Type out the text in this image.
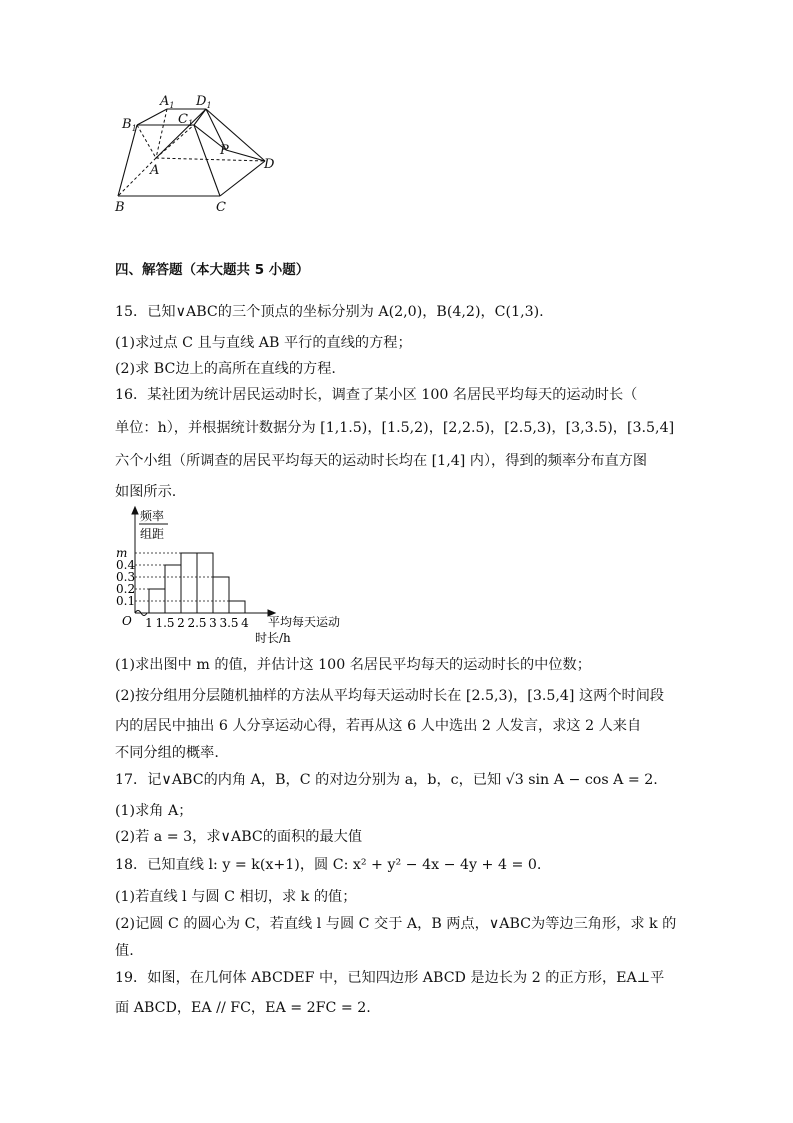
$A_1$ $D_1$
$B_1$
$C_1$
A
P
D
B	C
四、解答题（本大题共 5 小题）
15．已知∨ABC的三个顶点的坐标分别为 A(2,0)，B(4,2)，C(1,3).
(1)求过点 C 且与直线 AB 平行的直线的方程；
(2)求 BC边上的高所在直线的方程.
16．某社团为统计居民运动时长，调查了某小区 100 名居民平均每天的运动时长（
单位：h），并根据统计数据分为 [1,1.5)，[1.5,2)，[2,2.5)，[2.5,3)，[3,3.5)，[3.5,4]
六个小组（所调查的居民平均每天的运动时长均在 [1,4] 内），得到的频率分布直方图
如图所示.
频率
组距
O	平均每天运动
时长/h
m
0.4
0.3
0.2
0.1
1 1.5 2 2.5 3 3.5 4
(1)求出图中 m 的值，并估计这 100 名居民平均每天的运动时长的中位数；
(2)按分组用分层随机抽样的方法从平均每天运动时长在 [2.5,3)，[3.5,4] 这两个时间段
内的居民中抽出 6 人分享运动心得，若再从这 6 人中选出 2 人发言，求这 2 人来自
不同分组的概率.
17．记∨ABC的内角 A，B，C 的对边分别为 a，b，c，已知 √3 sin A − cos A = 2.
(1)求角 A；
(2)若 a = 3，求∨ABC的面积的最大值
18．已知直线 l: y = k(x+1)，圆 C: x² + y² − 4x − 4y + 4 = 0.
(1)若直线 l 与圆 C 相切，求 k 的值；
(2)记圆 C 的圆心为 C，若直线 l 与圆 C 交于 A，B 两点，∨ABC为等边三角形，求 k 的
值.
19．如图，在几何体 ABCDEF 中，已知四边形 ABCD 是边长为 2 的正方形，EA⊥平
面 ABCD，EA // FC，EA = 2FC = 2.
